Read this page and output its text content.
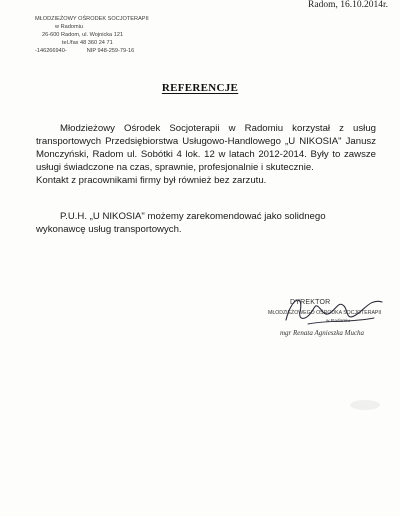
Radom, 16.10.2014r.
MŁODZIEŻOWY OŚRODEK SOCJOTERAPII
w Radomiu
26-600 Radom, ul. Wojnicka 121
tel./fax 48 360 24 71
-146266940-	NIP 948-259-79-16
REFERENCJE
Młodzieżowy Ośrodek Socjoterapii w Radomiu korzystał z usług transportowych Przedsiębiorstwa Usługowo-Handlowego „U NIKOSIA" Janusz Monczyński, Radom ul. Sobótki 4 lok. 12 w latach 2012-2014. Były to zawsze usługi świadczone na czas, sprawnie, profesjonalnie i skutecznie.
Kontakt z pracownikami firmy był również bez zarzutu.
P.U.H. „U NIKOSIA" możemy zarekomendować jako solidnego
wykonawcę usług transportowych.
DYREKTOR
MŁODZIEŻOWEGO OŚRODKA SOCJOTERAPII
w Radomiu
mgr Renata Agnieszka Mucha
